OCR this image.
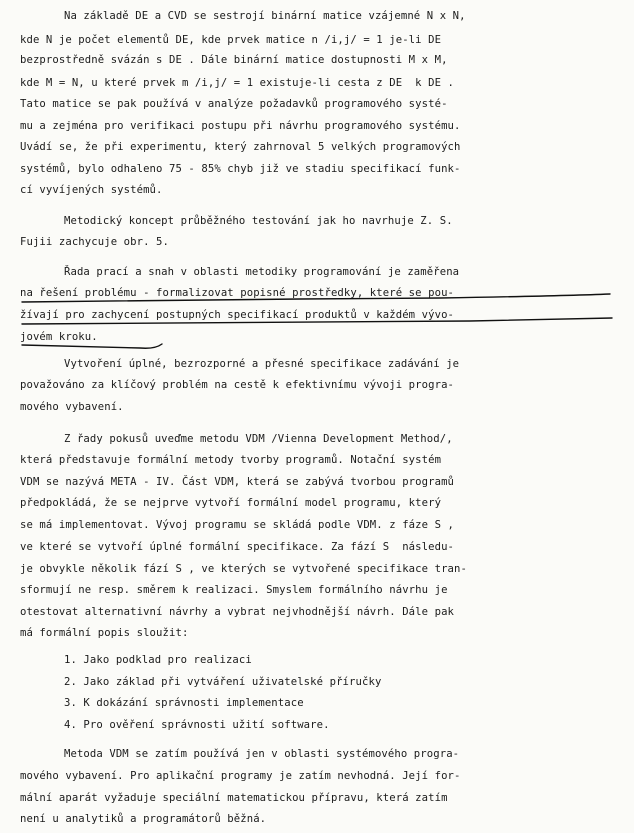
Na základě DE a CVD se sestrojí binární matice vzájemné N x N,
kde N je počet elementů DE, kde prvek matice n /i,j/ = 1 je-li DE
bezprostředně svázán s DE . Dále binární matice dostupnosti M x M,
kde M = N, u které prvek m /i,j/ = 1 existuje-li cesta z DE  k DE .
Tato matice se pak používá v analýze požadavků programového systé-
mu a zejména pro verifikaci postupu při návrhu programového systému.
Uvádí se, že při experimentu, který zahrnoval 5 velkých programových
systémů, bylo odhaleno 75 - 85% chyb již ve stadiu specifikací funk-
cí vyvíjených systémů.
Metodický koncept průběžného testování jak ho navrhuje Z. S.
Fujii zachycuje obr. 5.
Řada prací a snah v oblasti metodiky programování je zaměřena
na řešení problému - formalizovat popisné prostředky, které se pou-
žívají pro zachycení postupných specifikací produktů v každém vývo-
jovém kroku.
Vytvoření úplné, bezrozporné a přesné specifikace zadávání je
považováno za klíčový problém na cestě k efektivnímu vývoji progra-
mového vybavení.
Z řady pokusů uveďme metodu VDM /Vienna Development Method/,
která představuje formální metody tvorby programů. Notační systém
VDM se nazývá META - IV. Část VDM, která se zabývá tvorbou programů
předpokládá, že se nejprve vytvoří formální model programu, který
se má implementovat. Vývoj programu se skládá podle VDM. z fáze S ,
ve které se vytvoří úplné formální specifikace. Za fází S  následu-
je obvykle několik fází S , ve kterých se vytvořené specifikace tran-
sformují ne resp. směrem k realizaci. Smyslem formálního návrhu je
otestovat alternativní návrhy a vybrat nejvhodnější návrh. Dále pak
má formální popis sloužit:
1. Jako podklad pro realizaci
2. Jako základ při vytváření uživatelské příručky
3. K dokázání správnosti implementace
4. Pro ověření správnosti užití software.
Metoda VDM se zatím používá jen v oblasti systémového progra-
mového vybavení. Pro aplikační programy je zatím nevhodná. Její for-
mální aparát vyžaduje speciální matematickou přípravu, která zatím
není u analytiků a programátorů běžná.
